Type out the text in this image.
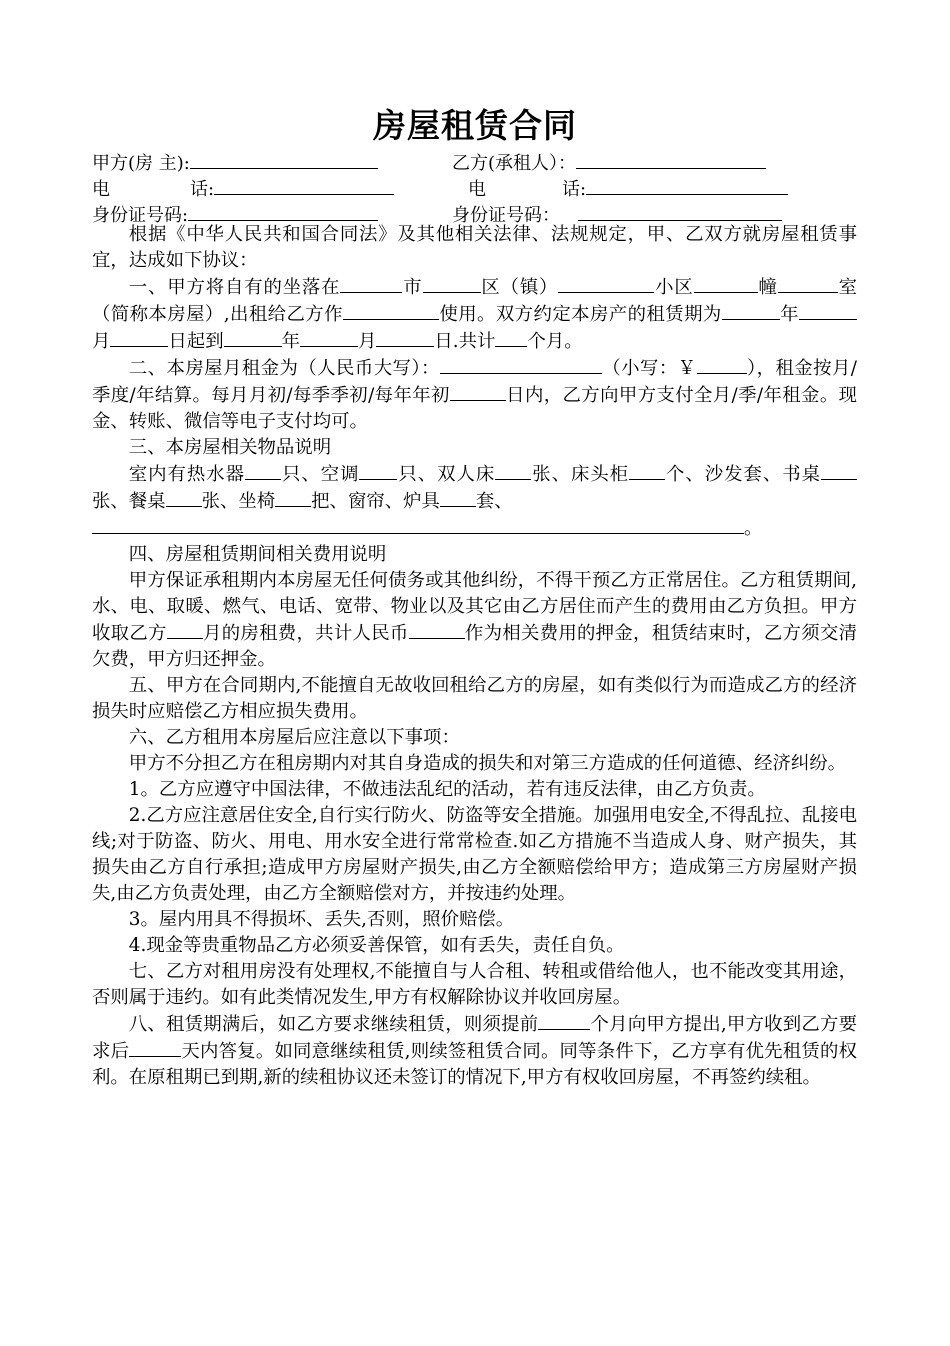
房屋租赁合同
甲方(房 主):	乙方(承租人）：
电	话:	电	话:
身份证号码:	身份证号码：

根据《中华人民共和国合同法》及其他相关法律、法规规定，甲、乙双方就房屋租赁事宜，达成如下协议：

一、甲方将自有的坐落在	市	区（镇）	小区	幢	室（简称本房屋）,出租给乙方作	使用。双方约定本房产的租赁期为	年月	日起到	年	月	日.共计 个月。

二、本房屋月租金为（人民币大写）：	（小写：￥	），租金按月/季度/年结算。每月月初/每季季初/每年年初	日内，乙方向甲方支付全月/季/年租金。现金、转账、微信等电子支付均可。

三、本房屋相关物品说明

室内有热水器 只、空调 只、双人床 张、床头柜 个、沙发套、书桌张、餐桌 张、坐椅 把、窗帘、炉具 套、
。

四、房屋租赁期间相关费用说明

甲方保证承租期内本房屋无任何债务或其他纠纷，不得干预乙方正常居住。乙方租赁期间,水、电、取暖、燃气、电话、宽带、物业以及其它由乙方居住而产生的费用由乙方负担。甲方收取乙方 月的房租费，共计人民币	作为相关费用的押金，租赁结束时，乙方须交清欠费，甲方归还押金。

五、甲方在合同期内,不能擅自无故收回租给乙方的房屋，如有类似行为而造成乙方的经济损失时应赔偿乙方相应损失费用。

六、乙方租用本房屋后应注意以下事项：

甲方不分担乙方在租房期内对其自身造成的损失和对第三方造成的任何道德、经济纠纷。

1。乙方应遵守中国法律，不做违法乱纪的活动，若有违反法律，由乙方负责。

2.乙方应注意居住安全,自行实行防火、防盗等安全措施。加强用电安全,不得乱拉、乱接电线;对于防盗、防火、用电、用水安全进行常常检查.如乙方措施不当造成人身、财产损失，其损失由乙方自行承担;造成甲方房屋财产损失,由乙方全额赔偿给甲方；造成第三方房屋财产损失,由乙方负责处理，由乙方全额赔偿对方，并按违约处理。

3。屋内用具不得损坏、丢失,否则，照价赔偿。

4.现金等贵重物品乙方必须妥善保管，如有丢失，责任自负。

七、乙方对租用房没有处理权,不能擅自与人合租、转租或借给他人，也不能改变其用途，否则属于违约。如有此类情况发生,甲方有权解除协议并收回房屋。

八、租赁期满后，如乙方要求继续租赁，则须提前	个月向甲方提出,甲方收到乙方要求后	天内答复。如同意继续租赁,则续签租赁合同。同等条件下，乙方享有优先租赁的权利。在原租期已到期,新的续租协议还未签订的情况下,甲方有权收回房屋，不再签约续租。
